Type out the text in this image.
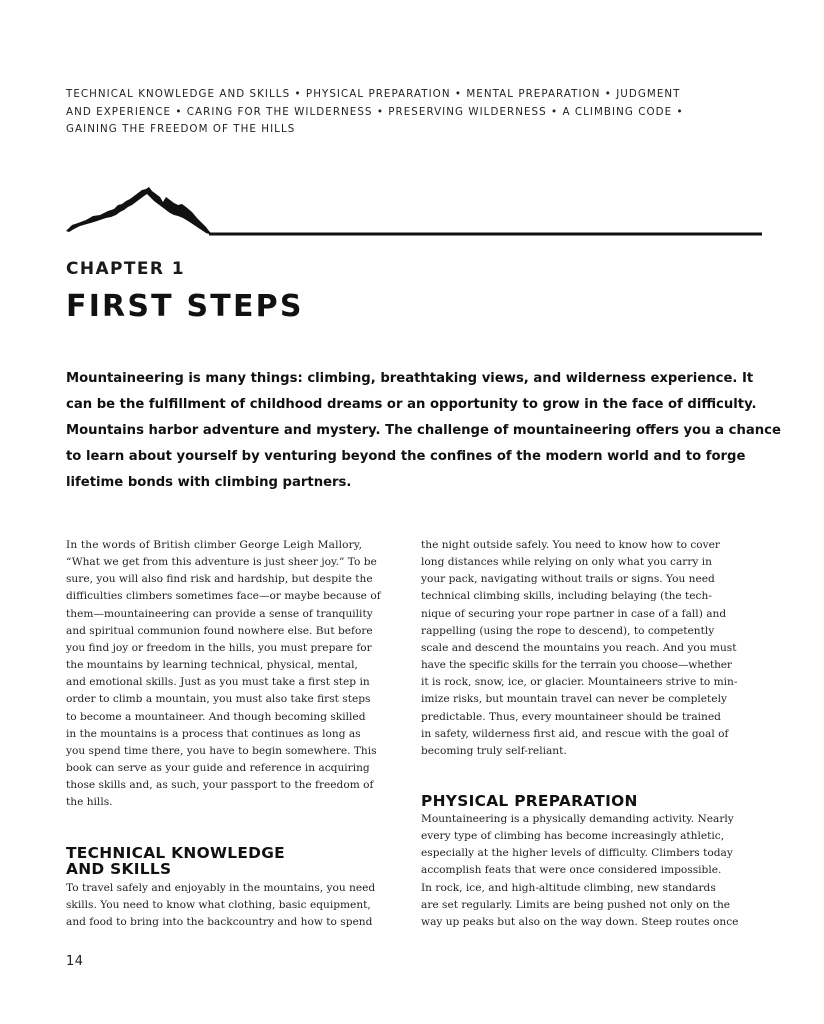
TECHNICAL KNOWLEDGE AND SKILLS • PHYSICAL PREPARATION • MENTAL PREPARATION • JUDGMENT
AND EXPERIENCE • CARING FOR THE WILDERNESS • PRESERVING WILDERNESS • A CLIMBING CODE •
GAINING THE FREEDOM OF THE HILLS
CHAPTER 1
FIRST STEPS

Mountaineering is many things: climbing, breathtaking views, and wilderness experience. It
can be the fulfillment of childhood dreams or an opportunity to grow in the face of difficulty.
Mountains harbor adventure and mystery. The challenge of mountaineering offers you a chance
to learn about yourself by venturing beyond the confines of the modern world and to forge
lifetime bonds with climbing partners.

In the words of British climber George Leigh Mallory,
“What we get from this adventure is just sheer joy.” To be
sure, you will also find risk and hardship, but despite the
difficulties climbers sometimes face—or maybe because of
them—mountaineering can provide a sense of tranquility
and spiritual communion found nowhere else. But before
you find joy or freedom in the hills, you must prepare for
the mountains by learning technical, physical, mental,
and emotional skills. Just as you must take a first step in
order to climb a mountain, you must also take first steps
to become a mountaineer. And though becoming skilled
in the mountains is a process that continues as long as
you spend time there, you have to begin somewhere. This
book can serve as your guide and reference in acquiring
those skills and, as such, your passport to the freedom of
the hills.
TECHNICAL KNOWLEDGE
AND SKILLS
To travel safely and enjoyably in the mountains, you need
skills. You need to know what clothing, basic equipment,
and food to bring into the backcountry and how to spend
the night outside safely. You need to know how to cover
long distances while relying on only what you carry in
your pack, navigating without trails or signs. You need
technical climbing skills, including belaying (the tech-
nique of securing your rope partner in case of a fall) and
rappelling (using the rope to descend), to competently
scale and descend the mountains you reach. And you must
have the specific skills for the terrain you choose—whether
it is rock, snow, ice, or glacier. Mountaineers strive to min-
imize risks, but mountain travel can never be completely
predictable. Thus, every mountaineer should be trained
in safety, wilderness first aid, and rescue with the goal of
becoming truly self-reliant.
PHYSICAL PREPARATION
Mountaineering is a physically demanding activity. Nearly
every type of climbing has become increasingly athletic,
especially at the higher levels of difficulty. Climbers today
accomplish feats that were once considered impossible.
In rock, ice, and high-altitude climbing, new standards
are set regularly. Limits are being pushed not only on the
way up peaks but also on the way down. Steep routes once

14
